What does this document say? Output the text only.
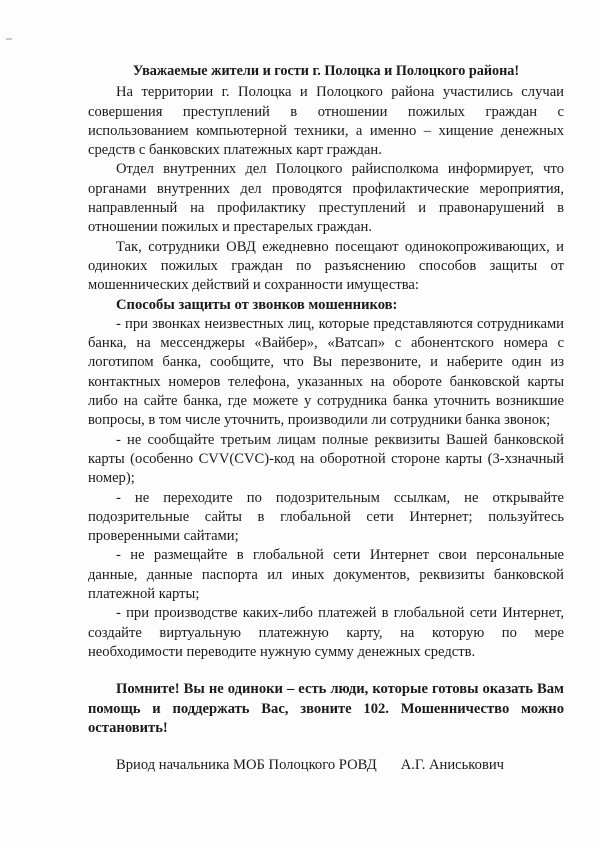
Уважаемые жители и гости г. Полоцка и Полоцкого района!

На территории г. Полоцка и Полоцкого района участились случаи совершения преступлений в отношении пожилых граждан с использованием компьютерной техники, а именно – хищение денежных средств с банковских платежных карт граждан.

Отдел внутренних дел Полоцкого райисполкома информирует, что органами внутренних дел проводятся профилактические мероприятия, направленный на профилактику преступлений и правонарушений в отношении пожилых и престарелых граждан.

Так, сотрудники ОВД ежедневно посещают одинокопроживающих, и одиноких пожилых граждан по разъяснению способов защиты от мошеннических действий и сохранности имущества:

Способы защиты от звонков мошенников:
- при звонках неизвестных лиц, которые представляются сотрудниками банка, на мессенджеры «Вайбер», «Ватсап» с абонентского номера с логотипом банка, сообщите, что Вы перезвоните, и наберите один из контактных номеров телефона, указанных на обороте банковской карты либо на сайте банка, где можете у сотрудника банка уточнить возникшие вопросы, в том числе уточнить, производили ли сотрудники банка звонок;
- не сообщайте третьим лицам полные реквизиты Вашей банковской карты (особенно CVV(CVC)-код на оборотной стороне карты (3-хзначный номер);
- не переходите по подозрительным ссылкам, не открывайте подозрительные сайты в глобальной сети Интернет; пользуйтесь проверенными сайтами;
- не размещайте в глобальной сети Интернет свои персональные данные, данные паспорта ил иных документов, реквизиты банковской платежной карты;
- при производстве каких-либо платежей в глобальной сети Интернет, создайте виртуальную платежную карту, на которую по мере необходимости переводите нужную сумму денежных средств.

Помните! Вы не одиноки – есть люди, которые готовы оказать Вам помощь и поддержать Вас, звоните 102. Мошенничество можно остановить!

Вриод начальника МОБ Полоцкого РОВД А.Г. Аниськович
